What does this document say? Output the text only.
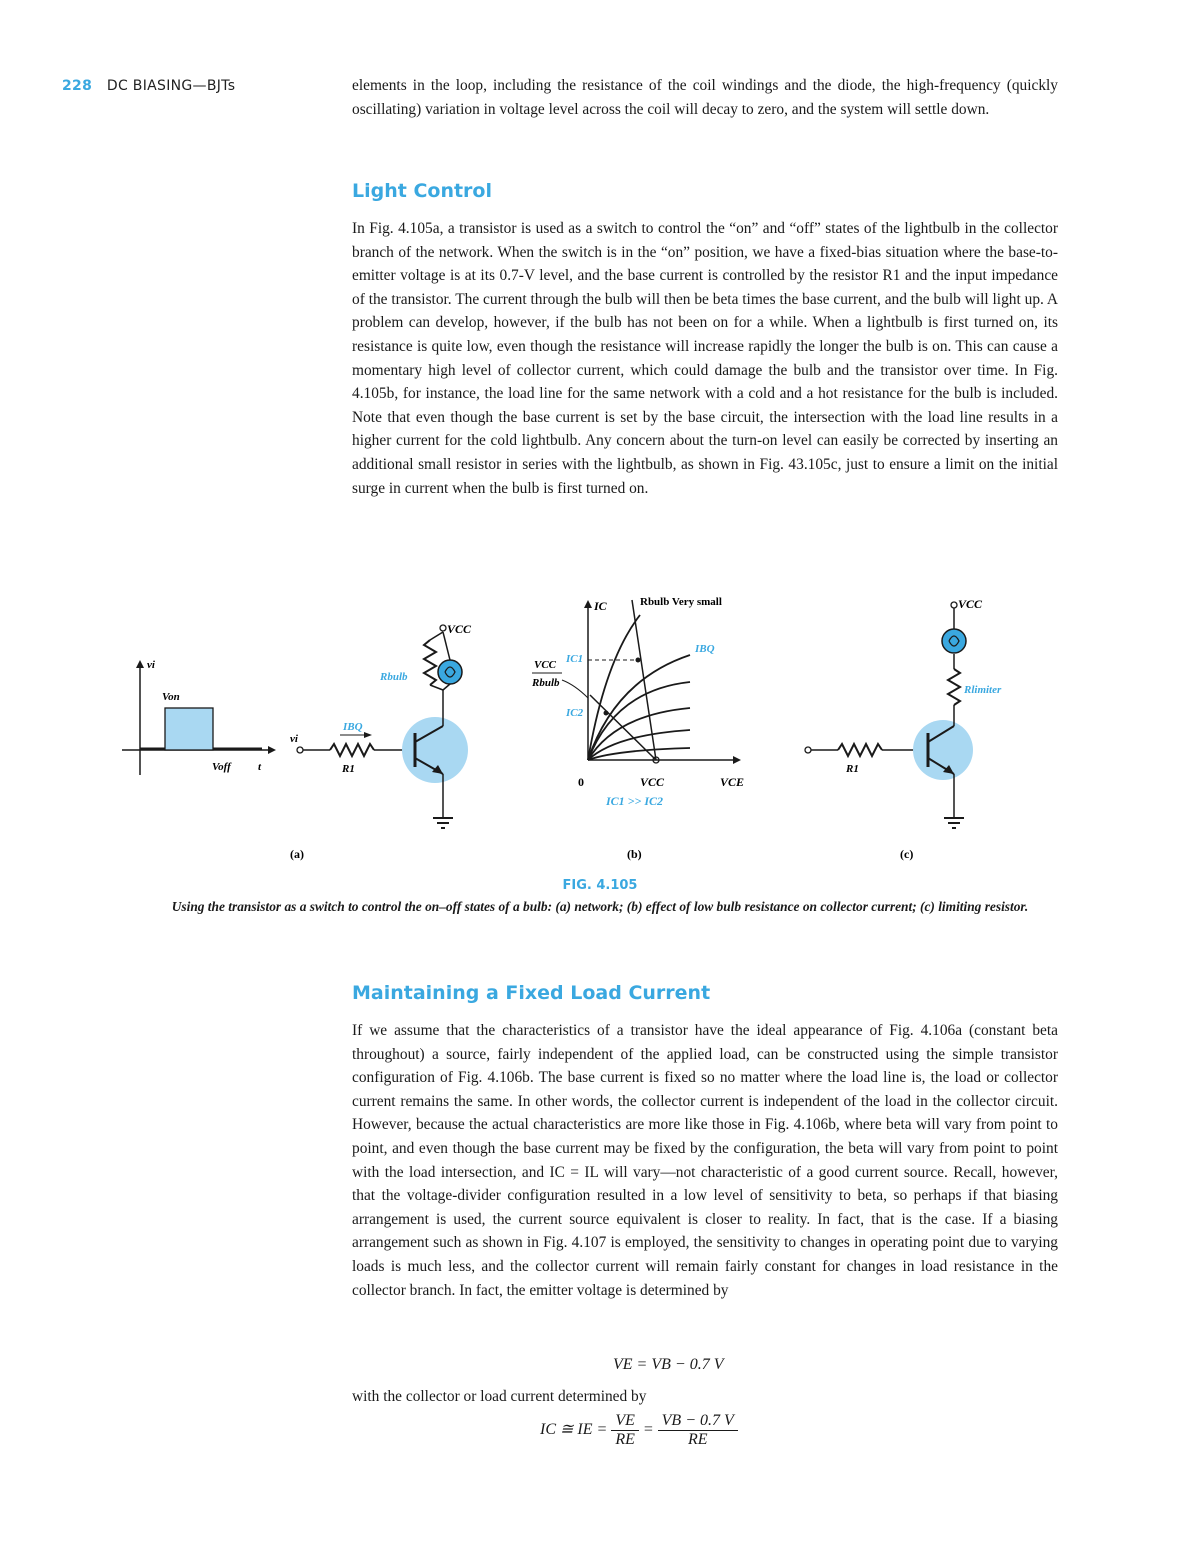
228 DC BIASING—BJTs	elements in the loop, including the resistance of the coil windings and the diode, the high-frequency (quickly oscillating) variation in voltage level across the coil will decay to zero, and the system will settle down.

Light Control

In Fig. 4.105a, a transistor is used as a switch to control the “on” and “off” states of the lightbulb in the collector branch of the network. When the switch is in the “on” position, we have a fixed-bias situation where the base-to-emitter voltage is at its 0.7-V level, and the base current is controlled by the resistor R1 and the input impedance of the transistor. The current through the bulb will then be beta times the base current, and the bulb will light up. A problem can develop, however, if the bulb has not been on for a while. When a lightbulb is first turned on, its resistance is quite low, even though the resistance will increase rapidly the longer the bulb is on. This can cause a momentary high level of collector current, which could damage the bulb and the transistor over time. In Fig. 4.105b, for instance, the load line for the same network with a cold and a hot resistance for the bulb is included. Note that even though the base current is set by the base circuit, the intersection with the load line results in a higher current for the cold lightbulb. Any concern about the turn-on level can easily be corrected by inserting an additional small resistor in series with the lightbulb, as shown in Fig. 43.105c, just to ensure a limit on the initial surge in current when the bulb is first turned on.

vi
Von
Voff t
vi
IBQ
R1
VCC
Rbulb
IC
VCE
0	VCC
IC1
IC2
VCC
Rbulb
Rbulb Very small
IBQ
IC1 >> IC2
R1
VCC
Rlimiter
(a)	(b)	(c)
FIG. 4.105
Using the transistor as a switch to control the on–off states of a bulb: (a) network; (b) effect of low bulb resistance on collector current; (c) limiting resistor.
Maintaining a Fixed Load Current

If we assume that the characteristics of a transistor have the ideal appearance of Fig. 4.106a (constant beta throughout) a source, fairly independent of the applied load, can be constructed using the simple transistor configuration of Fig. 4.106b. The base current is fixed so no matter where the load line is, the load or collector current remains the same. In other words, the collector current is independent of the load in the collector circuit. However, because the actual characteristics are more like those in Fig. 4.106b, where beta will vary from point to point, and even though the base current may be fixed by the configuration, the beta will vary from point to point with the load intersection, and IC = IL will vary—not characteristic of a good current source. Recall, however, that the voltage-divider configuration resulted in a low level of sensitivity to beta, so perhaps if that biasing arrangement is used, the current source equivalent is closer to reality. In fact, that is the case. If a biasing arrangement such as shown in Fig. 4.107 is employed, the sensitivity to changes in operating point due to varying loads is much less, and the collector current will remain fairly constant for changes in load resistance in the collector branch. In fact, the emitter voltage is determined by

VE = VB − 0.7 V

with the collector or load current determined by

IC ≅ IE = $\frac{VE}{RE} = \frac{VB - 0.7 V}{RE}$
